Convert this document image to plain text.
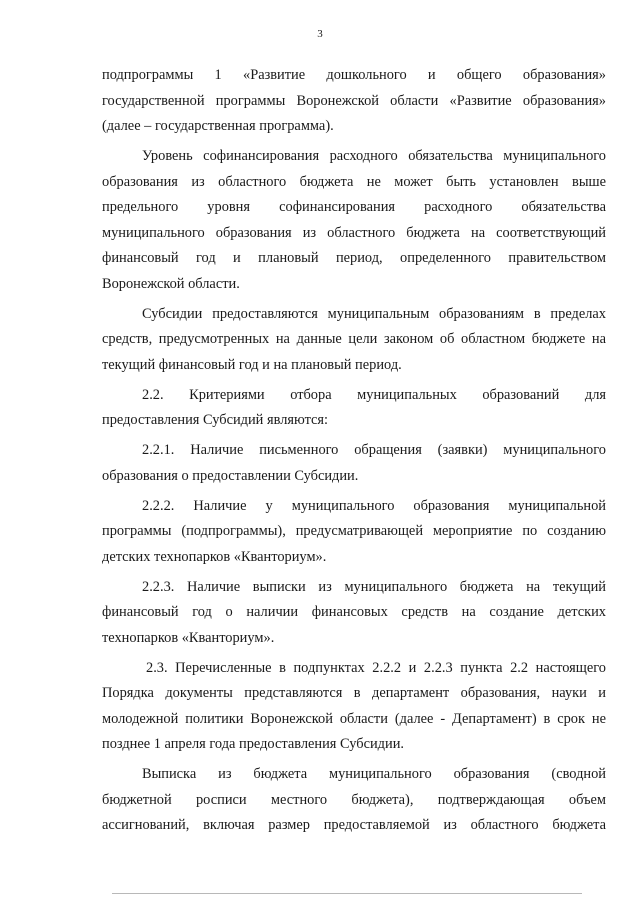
3
подпрограммы 1 «Развитие дошкольного и общего образования»
государственной программы Воронежской области «Развитие образования»
(далее – государственная программа).
Уровень софинансирования расходного обязательства муниципального
образования из областного бюджета не может быть установлен выше
предельного уровня софинансирования расходного обязательства
муниципального образования из областного бюджета на соответствующий
финансовый год и плановый период, определенного правительством
Воронежской области.
Субсидии предоставляются муниципальным образованиям в пределах
средств, предусмотренных на данные цели законом об областном бюджете на
текущий финансовый год и на плановый период.
2.2. Критериями отбора муниципальных образований для
предоставления Субсидий являются:
2.2.1. Наличие письменного обращения (заявки) муниципального
образования о предоставлении Субсидии.
2.2.2. Наличие у муниципального образования муниципальной
программы (подпрограммы), предусматривающей мероприятие по созданию
детских технопарков «Кванториум».
2.2.3. Наличие выписки из муниципального бюджета на текущий
финансовый год о наличии финансовых средств на создание детских
технопарков «Кванториум».
2.3. Перечисленные в подпунктах 2.2.2 и 2.2.3 пункта 2.2 настоящего
Порядка документы представляются в департамент образования, науки и
молодежной политики Воронежской области (далее - Департамент) в срок не
позднее 1 апреля года предоставления Субсидии.
Выписка из бюджета муниципального образования (сводной
бюджетной росписи местного бюджета), подтверждающая объем
ассигнований, включая размер предоставляемой из областного бюджета
